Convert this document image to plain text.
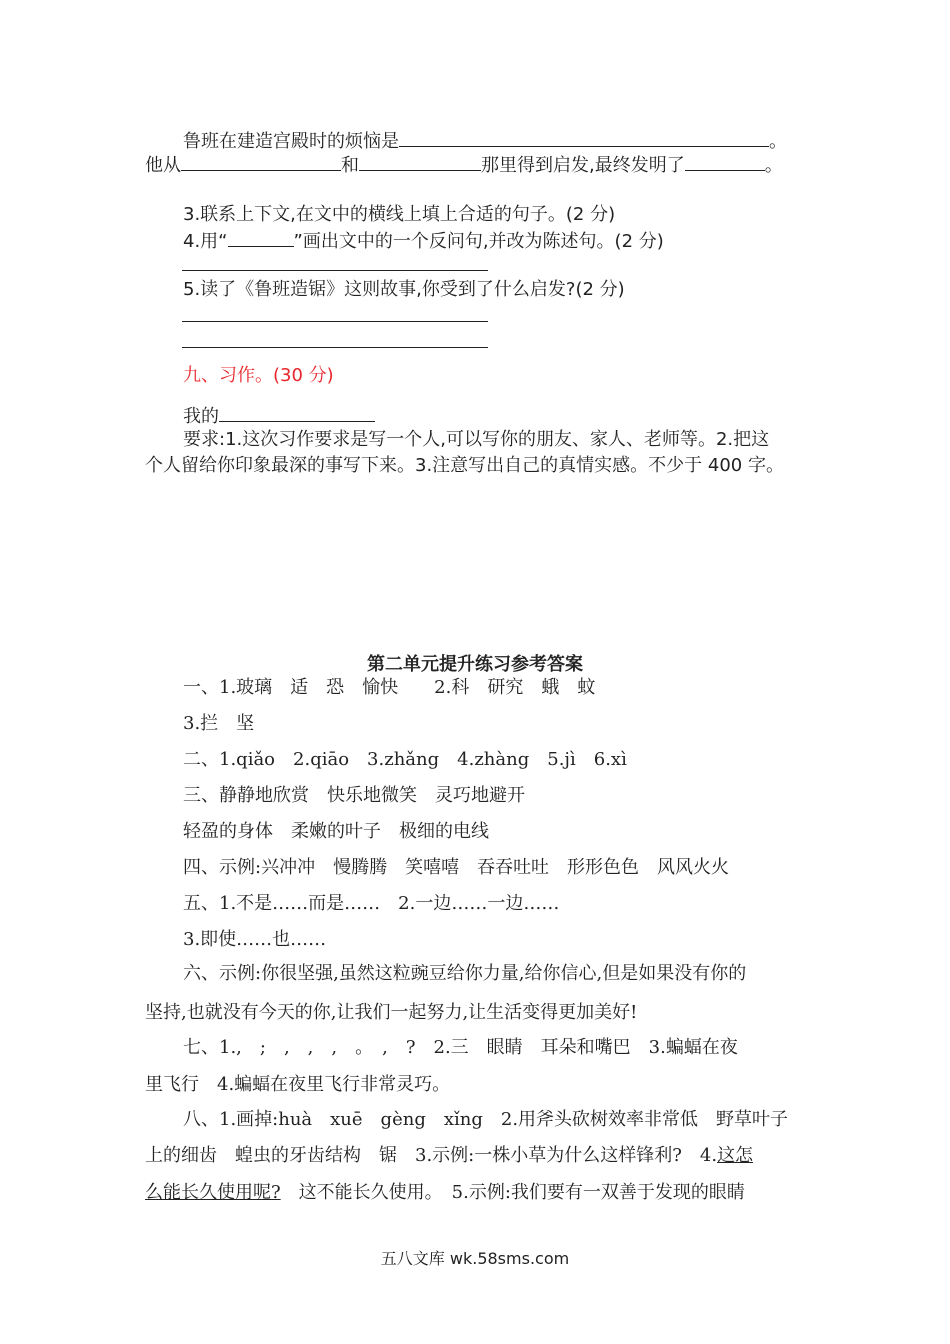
鲁班在建造宫殿时的烦恼是	。
他从	和	那里得到启发,最终发明了	。
3.联系上下文,在文中的横线上填上合适的句子。(2 分)
4.用“	”画出文中的一个反问句,并改为陈述句。(2 分)
5.读了《鲁班造锯》这则故事,你受到了什么启发?(2 分)
九、习作。(30 分)
我的
要求:1.这次习作要求是写一个人,可以写你的朋友、家人、老师等。2.把这
个人留给你印象最深的事写下来。3.注意写出自己的真情实感。不少于 400 字。
第二单元提升练习参考答案
一、1.玻璃　适　恐　愉快　　2.科　研究　蛾　蚊
3.拦　坚
二、1.qiǎo　2.qiāo　3.zhǎng　4.zhàng　5.jì　6.xì
三、静静地欣赏　快乐地微笑　灵巧地避开
轻盈的身体　柔嫩的叶子　极细的电线
四、示例:兴冲冲　慢腾腾　笑嘻嘻　吞吞吐吐　形形色色　风风火火
五、1.不是……而是……　2.一边……一边……
3.即使……也……
六、示例:你很坚强,虽然这粒豌豆给你力量,给你信心,但是如果没有你的
坚持,也就没有今天的你,让我们一起努力,让生活变得更加美好!
七、1.,　;　,　,　,　。　,　?　2.三　眼睛　耳朵和嘴巴　3.蝙蝠在夜
里飞行　4.蝙蝠在夜里飞行非常灵巧。
八、1.画掉:huà　xuē　gèng　xǐng　2.用斧头砍树效率非常低　野草叶子
上的细齿　蝗虫的牙齿结构　锯　3.示例:一株小草为什么这样锋利?　4.这怎
么能长久使用呢?　这不能长久使用。　5.示例:我们要有一双善于发现的眼睛
五八文库 wk.58sms.com
